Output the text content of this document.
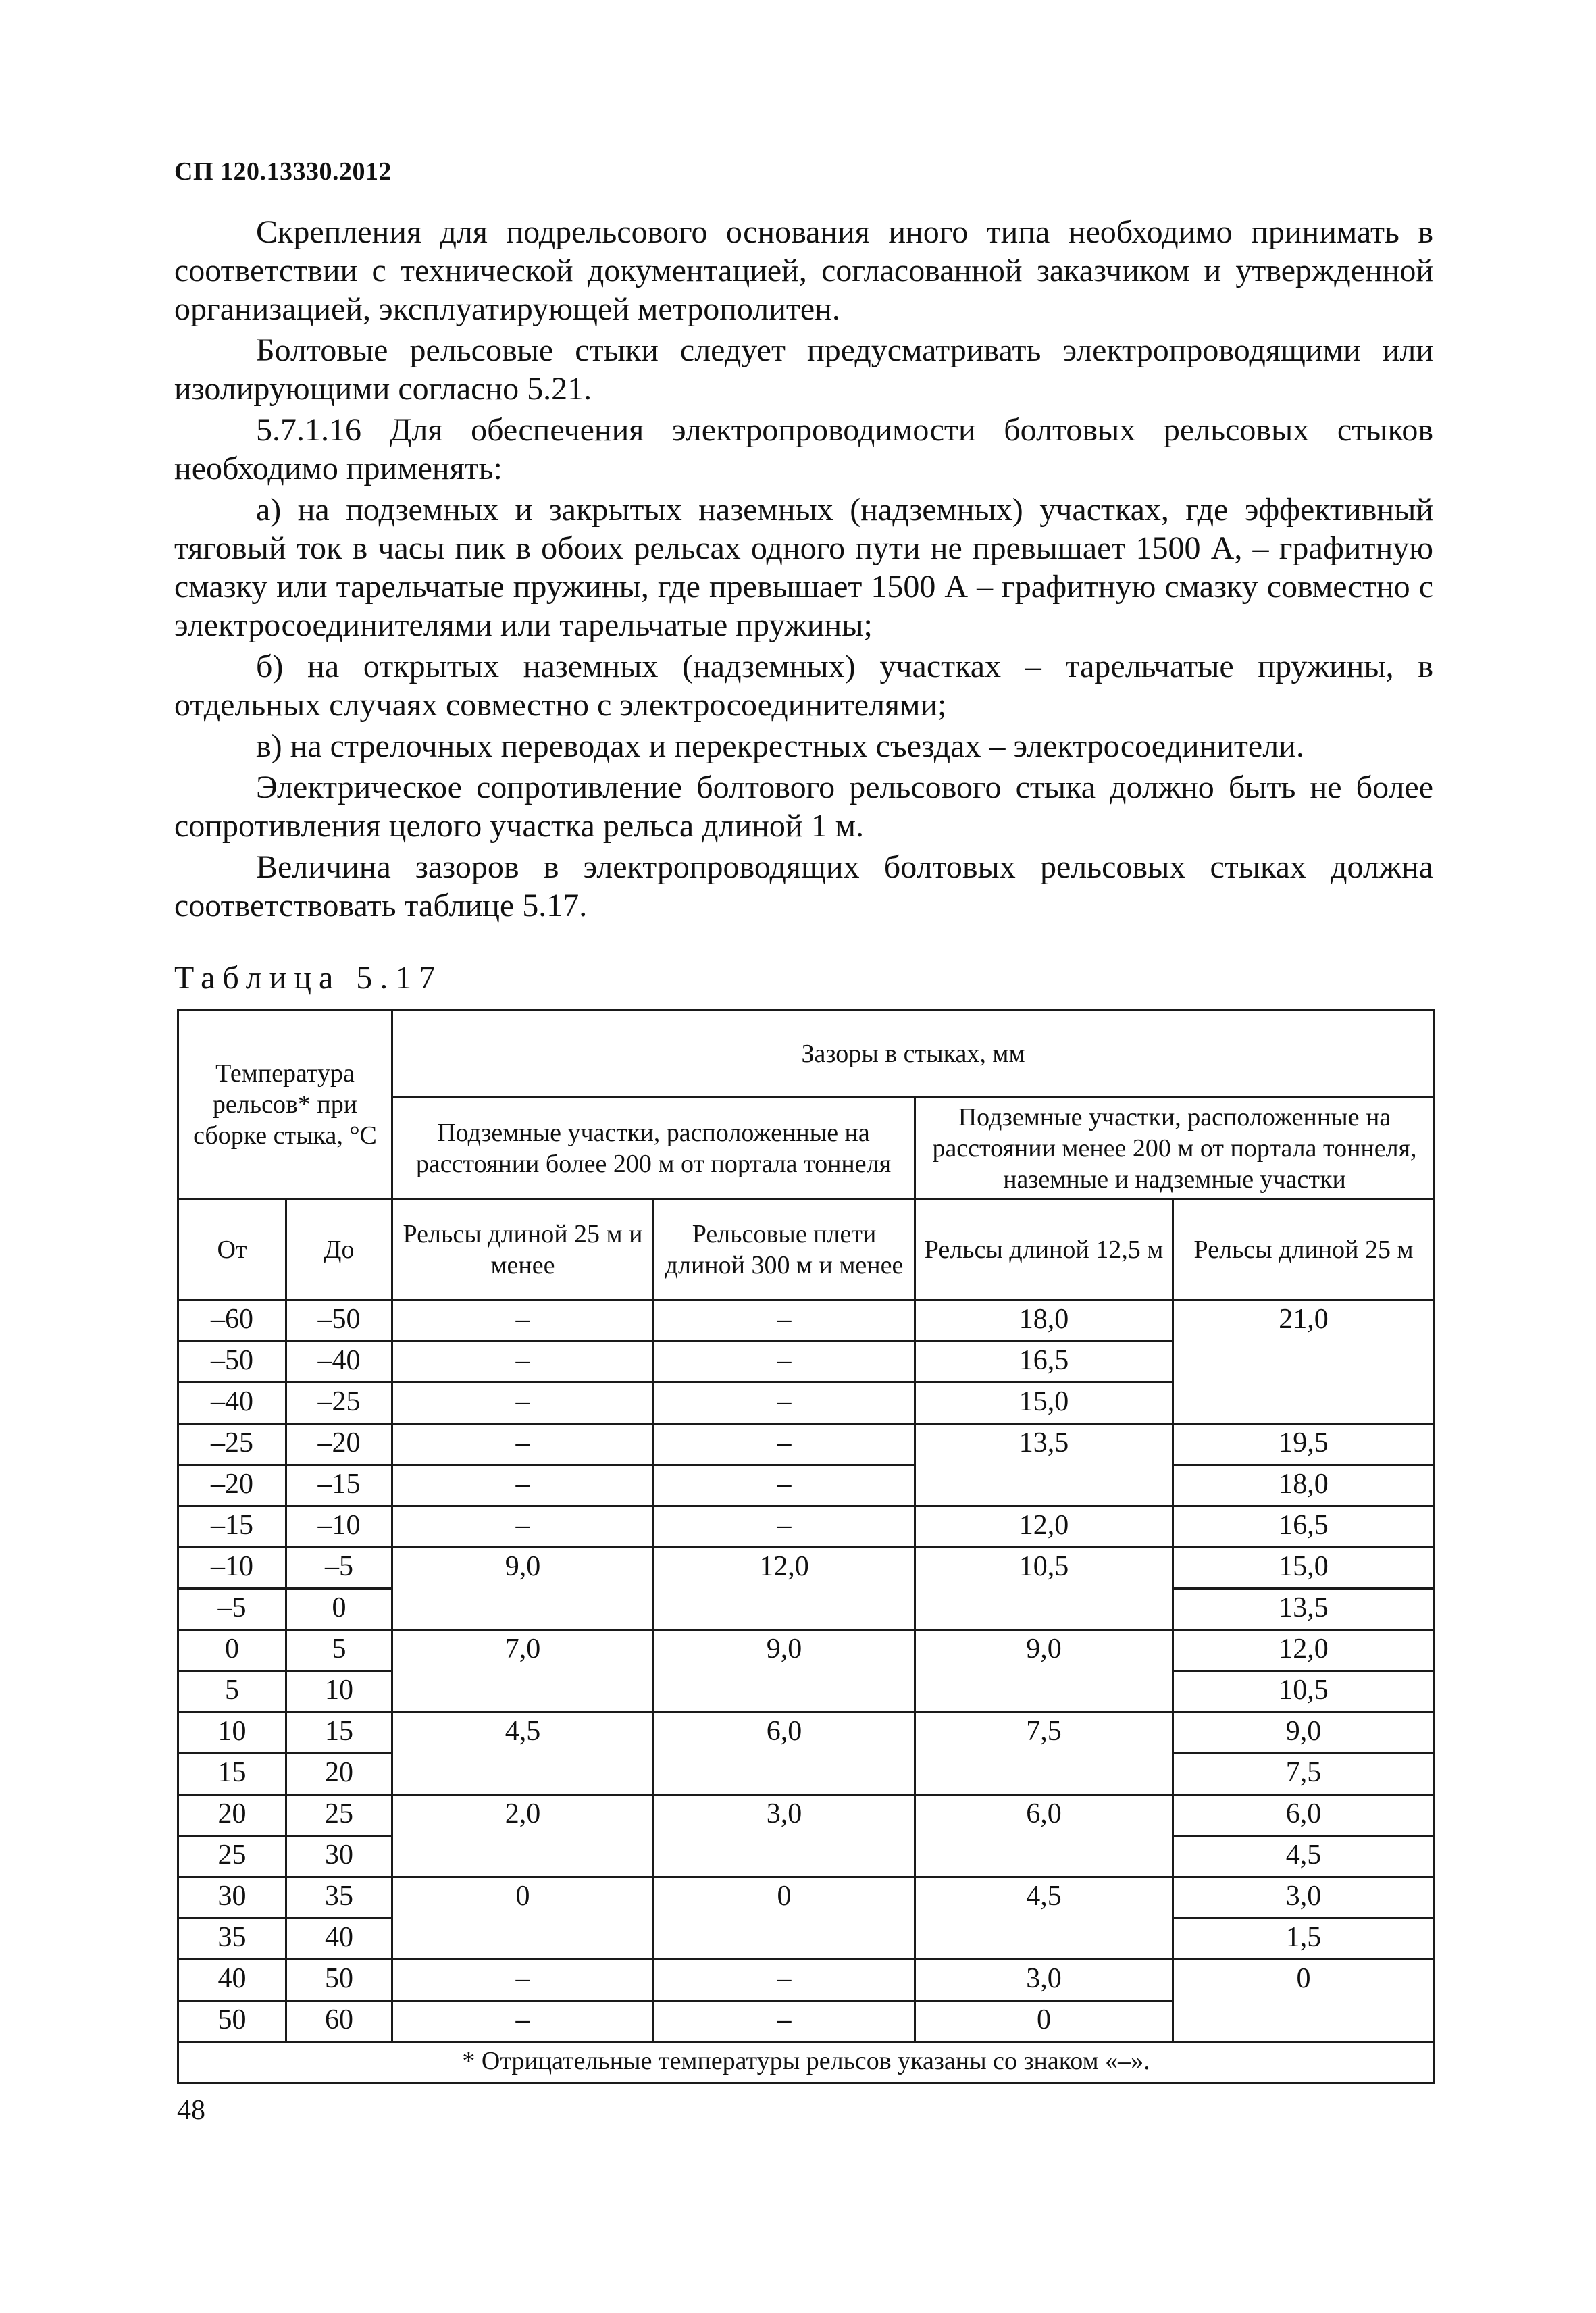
СП 120.13330.2012

Скрепления для подрельсового основания иного типа необходимо принимать в соответствии с технической документацией, согласованной заказчиком и утвержденной организацией, эксплуатирующей метрополитен.

Болтовые рельсовые стыки следует предусматривать электропроводящими или изолирующими согласно 5.21.

5.7.1.16 Для обеспечения электропроводимости болтовых рельсовых стыков необходимо применять:

а) на подземных и закрытых наземных (надземных) участках, где эффективный тяговый ток в часы пик в обоих рельсах одного пути не превышает 1500 А, – графитную смазку или тарельчатые пружины, где превышает 1500 А – графитную смазку совместно с электросоединителями или тарельчатые пружины;

б) на открытых наземных (надземных) участках – тарельчатые пружины, в отдельных случаях совместно с электросоединителями;

в) на стрелочных переводах и перекрестных съездах – электросоединители.

Электрическое сопротивление болтового рельсового стыка должно быть не более сопротивления целого участка рельса длиной 1 м.

Величина зазоров в электропроводящих болтовых рельсовых стыках должна соответствовать таблице 5.17.

Таблица 5.17
Температура рельсов* при сборке стыка, °С		Зазоры в стыках, мм			
		Подземные участки, расположенные на расстоянии более 200 м от портала тоннеля		Подземные участки, расположенные на расстоянии менее 200 м от портала тоннеля, наземные и надземные участки	
От	До	Рельсы длиной 25 м и менее	Рельсовые плети длиной 300 м и менее	Рельсы длиной 12,5 м	Рельсы длиной 25 м
–60	–50	–	–	18,0	21,0
–50	–40	–	–	16,5	
–40	–25	–	–	15,0	
–25	–20	–	–	13,5	19,5
–20	–15	–	–		18,0
–15	–10	–	–	12,0	16,5
–10	–5	9,0	12,0	10,5	15,0
–5	0				13,5
0	5	7,0	9,0	9,0	12,0
5	10				10,5
10	15	4,5	6,0	7,5	9,0
15	20				7,5
20	25	2,0	3,0	6,0	6,0
25	30				4,5
30	35	0	0	4,5	3,0
35	40				1,5
40	50	–	–	3,0	0
50	60	–	–	0	
* Отрицательные температуры рельсов указаны со знаком «–».					
48
